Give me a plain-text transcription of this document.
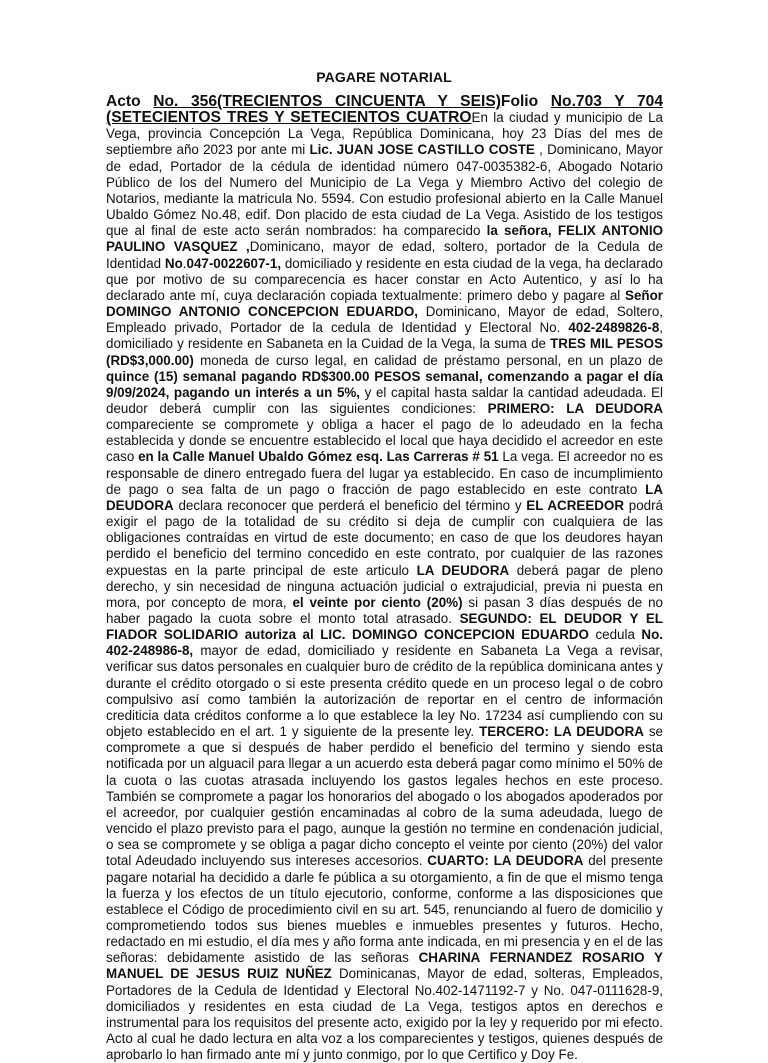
PAGARE NOTARIAL
Acto No. 356(TRECIENTOS CINCUENTA Y SEIS)Folio No.703 Y 704 (SETECIENTOS TRES Y SETECIENTOS CUATROEn la ciudad y municipio de La Vega, provincia Concepción La Vega, República Dominicana, hoy 23 Días del mes de septiembre año 2023 por ante mi Lic. JUAN JOSE CASTILLO COSTE , Dominicano, Mayor de edad, Portador de la cédula de identidad número 047-0035382-6, Abogado Notario Público de los del Numero del Municipio de La Vega y Miembro Activo del colegio de Notarios, mediante la matricula No. 5594. Con estudio profesional abierto en la Calle Manuel Ubaldo Gómez No.48, edif. Don placido de esta ciudad de La Vega. Asistido de los testigos que al final de este acto serán nombrados: ha comparecido la señora, FELIX ANTONIO PAULINO VASQUEZ ,Dominicano, mayor de edad, soltero, portador de la Cedula de Identidad No.047-0022607-1, domiciliado y residente en esta ciudad de la vega, ha declarado que por motivo de su comparecencia es hacer constar en Acto Autentico, y así lo ha declarado ante mí, cuya declaración copiada textualmente: primero debo y pagare al Señor DOMINGO ANTONIO CONCEPCION EDUARDO, Dominicano, Mayor de edad, Soltero, Empleado privado, Portador de la cedula de Identidad y Electoral No. 402-2489826-8, domiciliado y residente en Sabaneta en la Cuidad de la Vega, la suma de TRES MIL PESOS (RD$3,000.00) moneda de curso legal, en calidad de préstamo personal, en un plazo de quince (15) semanal pagando RD$300.00 PESOS semanal, comenzando a pagar el día 9/09/2024, pagando un interés a un 5%, y el capital hasta saldar la cantidad adeudada. El deudor deberá cumplir con las siguientes condiciones: PRIMERO: LA DEUDORA compareciente se compromete y obliga a hacer el pago de lo adeudado en la fecha establecida y donde se encuentre establecido el local que haya decidido el acreedor en este caso en la Calle Manuel Ubaldo Gómez esq. Las Carreras # 51 La vega. El acreedor no es responsable de dinero entregado fuera del lugar ya establecido. En caso de incumplimiento de pago o sea falta de un pago o fracción de pago establecido en este contrato LA DEUDORA declara reconocer que perderá el beneficio del término y EL ACREEDOR podrá exigir el pago de la totalidad de su crédito si deja de cumplir con cualquiera de las obligaciones contraídas en virtud de este documento; en caso de que los deudores hayan perdido el beneficio del termino concedido en este contrato, por cualquier de las razones expuestas en la parte principal de este articulo LA DEUDORA deberá pagar de pleno derecho, y sin necesidad de ninguna actuación judicial o extrajudicial, previa ni puesta en mora, por concepto de mora, el veinte por ciento (20%) si pasan 3 días después de no haber pagado la cuota sobre el monto total atrasado. SEGUNDO: EL DEUDOR Y EL FIADOR SOLIDARIO autoriza al LIC. DOMINGO CONCEPCION EDUARDO cedula No. 402-248986-8, mayor de edad, domiciliado y residente en Sabaneta La Vega a revisar, verificar sus datos personales en cualquier buro de crédito de la república dominicana antes y durante el crédito otorgado o si este presenta crédito quede en un proceso legal o de cobro compulsivo así como también la autorización de reportar en el centro de información crediticia data créditos conforme a lo que establece la ley No. 17234 así cumpliendo con su objeto establecido en el art. 1 y siguiente de la presente ley. TERCERO: LA DEUDORA se compromete a que si después de haber perdido el beneficio del termino y siendo esta notificada por un alguacil para llegar a un acuerdo esta deberá pagar como mínimo el 50% de la cuota o las cuotas atrasada incluyendo los gastos legales hechos en este proceso. También se compromete a pagar los honorarios del abogado o los abogados apoderados por el acreedor, por cualquier gestión encaminadas al cobro de la suma adeudada, luego de vencido el plazo previsto para el pago, aunque la gestión no termine en condenación judicial, o sea se compromete y se obliga a pagar dicho concepto el veinte por ciento (20%) del valor total Adeudado incluyendo sus intereses accesorios. CUARTO: LA DEUDORA del presente pagare notarial ha decidido a darle fe pública a su otorgamiento, a fin de que el mismo tenga la fuerza y los efectos de un título ejecutorio, conforme, conforme a las disposiciones que establece el Código de procedimiento civil en su art. 545, renunciando al fuero de domicilio y comprometiendo todos sus bienes muebles e inmuebles presentes y futuros. Hecho, redactado en mi estudio, el día mes y año forma ante indicada, en mi presencia y en el de las señoras: debidamente asistido de las señoras CHARINA FERNANDEZ ROSARIO Y MANUEL DE JESUS RUIZ NUÑEZ Dominicanas, Mayor de edad, solteras, Empleados, Portadores de la Cedula de Identidad y Electoral No.402-1471192-7 y No. 047-0111628-9, domiciliados y residentes en esta ciudad de La Vega, testigos aptos en derechos e instrumental para los requisitos del presente acto, exigido por la ley y requerido por mi efecto. Acto al cual he dado lectura en alta voz a los comparecientes y testigos, quienes después de aprobarlo lo han firmado ante mí y junto conmigo, por lo que Certifico y Doy Fe.
